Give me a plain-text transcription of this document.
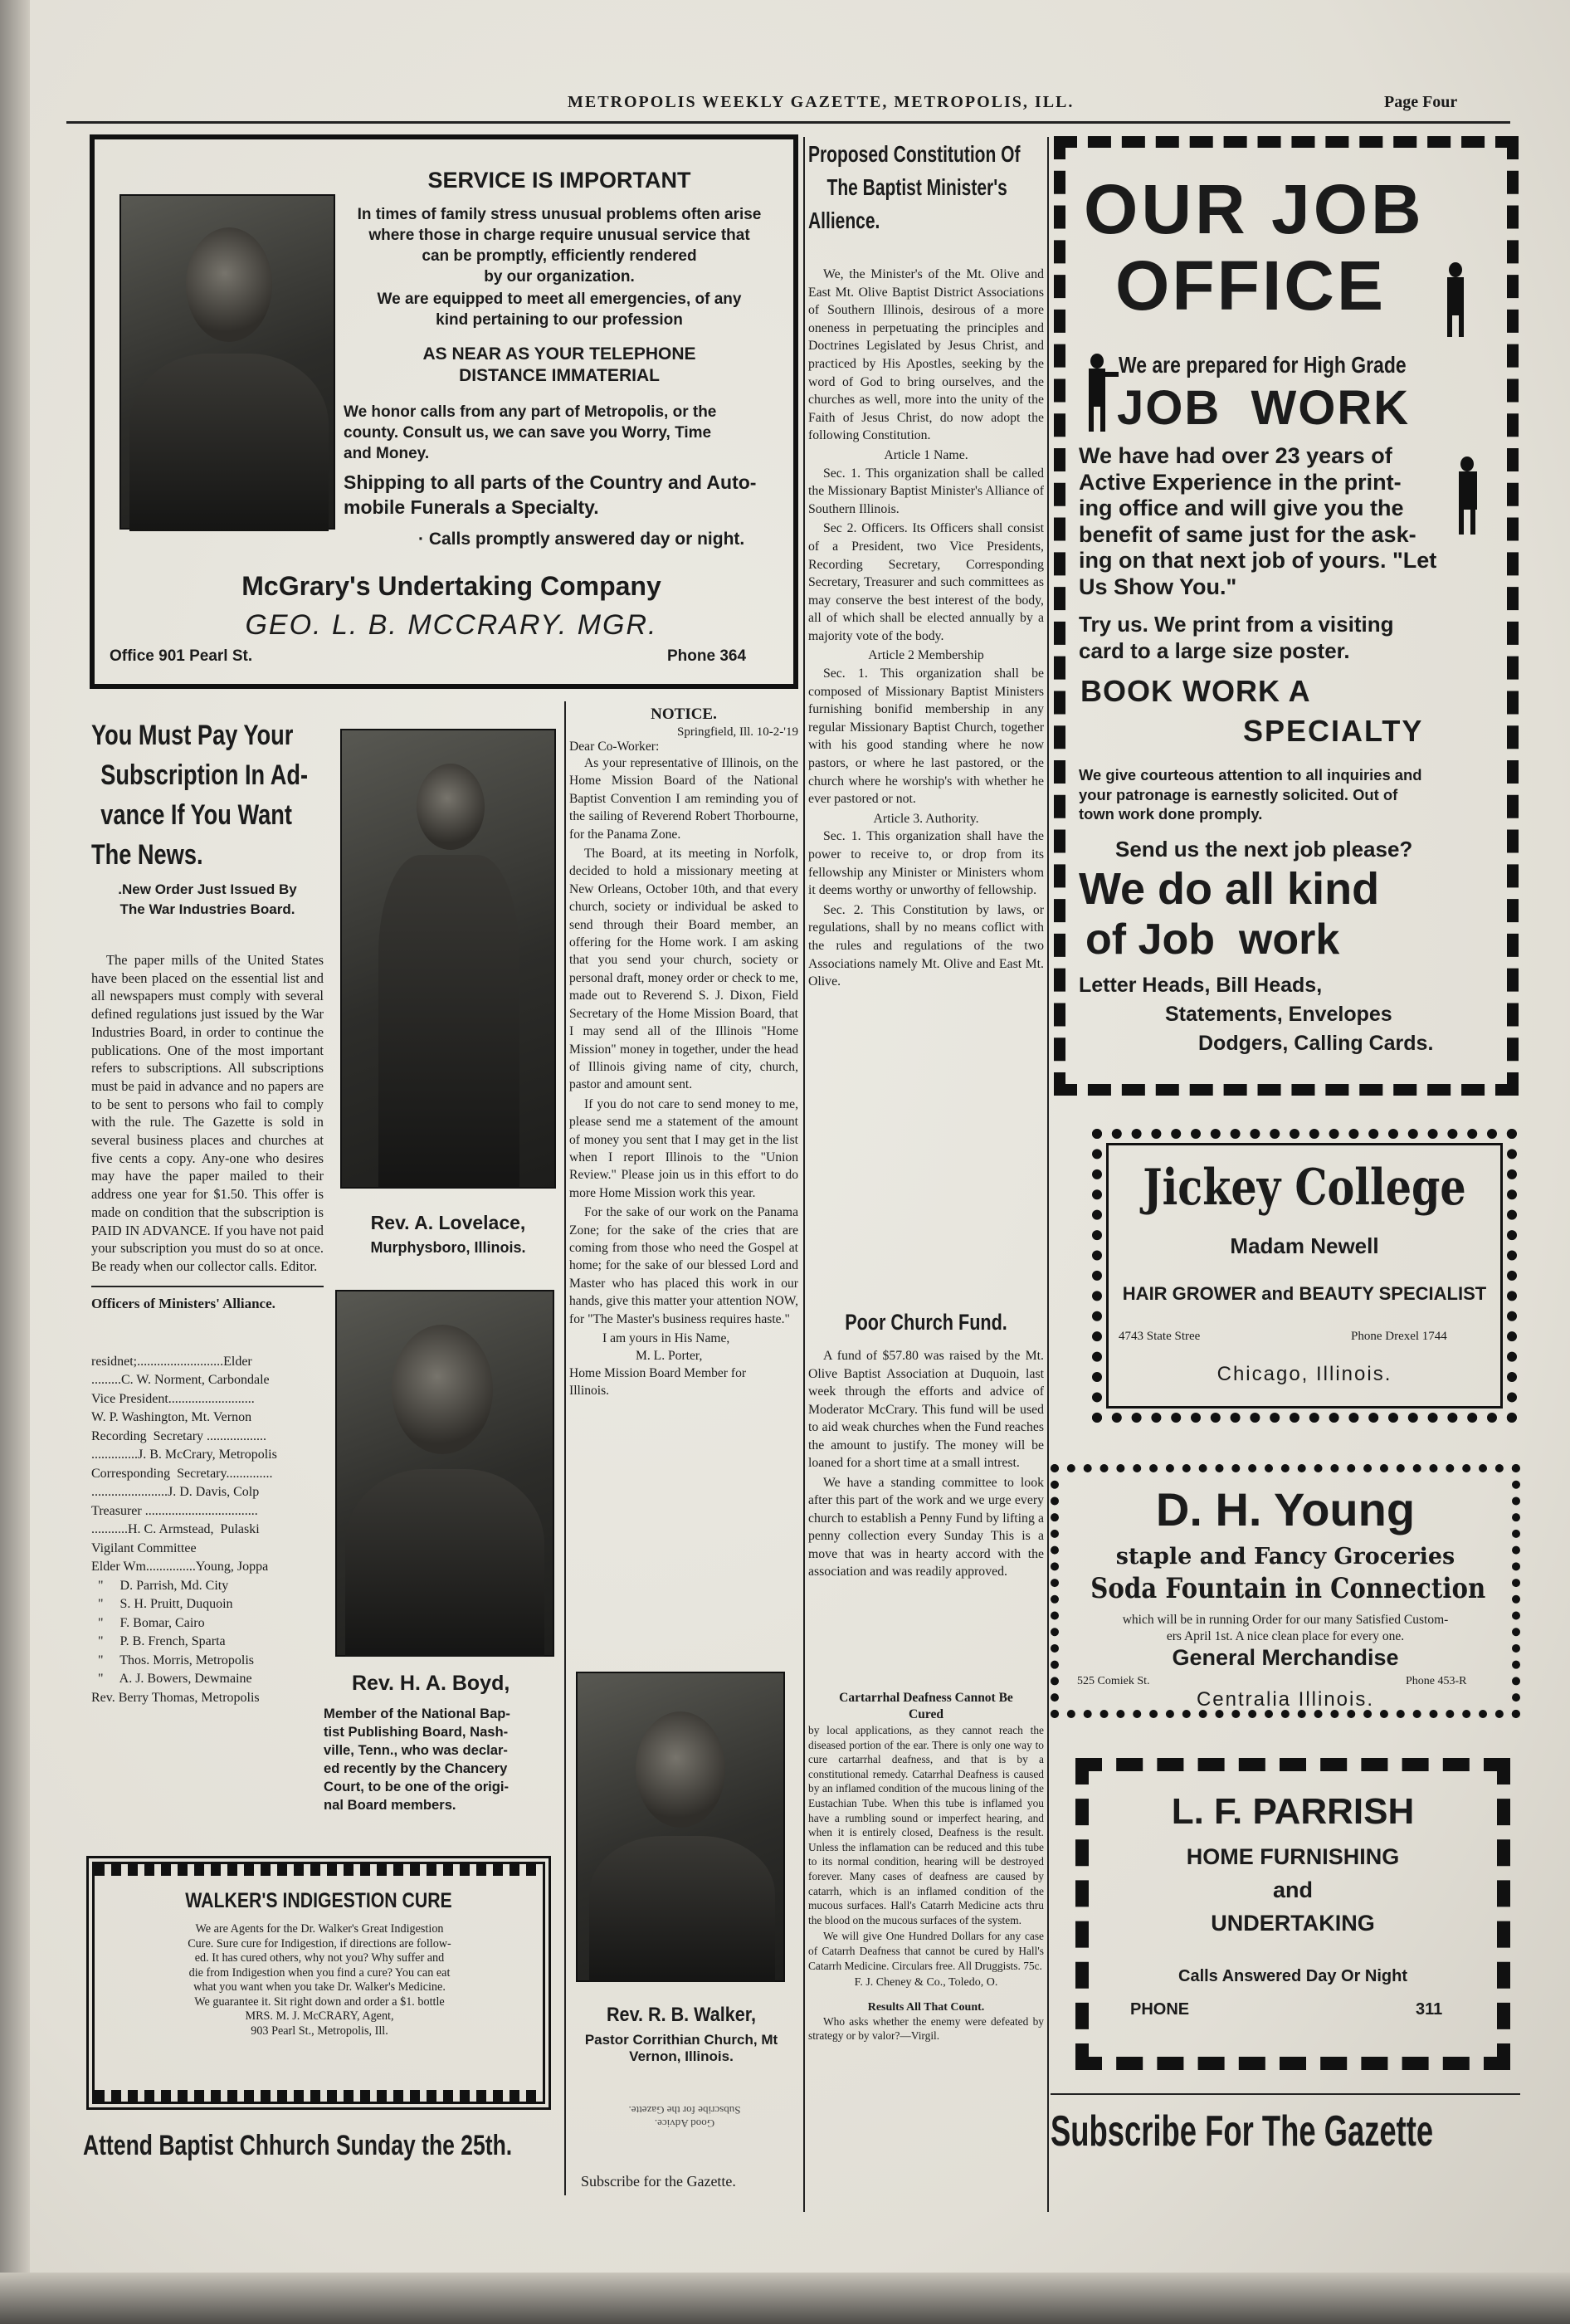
METROPOLIS WEEKLY GAZETTE, METROPOLIS, ILL.	Page Four
SERVICE IS IMPORTANT
In times of family stress unusual problems often arise
where those in charge require unusual service that
can be promptly, efficiently rendered
by our organization.
We are equipped to meet all emergencies, of any
kind pertaining to our profession
AS NEAR AS YOUR TELEPHONE
DISTANCE IMMATERIAL
We honor calls from any part of Metropolis, or the
county. Consult us, we can save you Worry, Time
and Money.
Shipping to all parts of the Country and Auto-
mobile Funerals a Specialty.
· Calls promptly answered day or night.
McGrary's Undertaking Company
GEO. L. B. MCCRARY. MGR.
Office 901 Pearl St.	Phone 364
You Must Pay Your
Subscription In Ad-
vance If You Want
The News.
.New Order Just Issued By
The War Industries Board.

The paper mills of the United States have been placed on the essential list and all newspapers must comply with several defined regulations just issued by the War Industries Board, in order to continue the publications. One of the most important refers to subscriptions. All subscriptions must be paid in advance and no papers are to be sent to persons who fail to comply with the rule. The Gazette is sold in several business places and churches at five cents a copy. Any-one who desires may have the paper mailed to their address one year for $1.50. This offer is made on condition that the subscription is PAID IN ADVANCE. If you have not paid your subscription you must do so at once. Be ready when our collector calls. Editor.

Officers of Ministers' Alliance.

residnet;..........................Elder
.........C. W. Norment, Carbondale
Vice President..........................
W. P. Washington, Mt. Vernon
Recording  Secretary ..................
..............J. B. McCrary, Metropolis
Corresponding  Secretary..............
.......................J. D. Davis, Colp
Treasurer ..................................
...........H. C. Armstead,  Pulaski
Vigilant Committee
Elder Wm...............Young, Joppa
"     D. Parrish, Md. City
"     S. H. Pruitt, Duquoin
"     F. Bomar, Cairo
"     P. B. French, Sparta
"     Thos. Morris, Metropolis
"     A. J. Bowers, Dewmaine
Rev. Berry Thomas, Metropolis

WALKER'S INDIGESTION CURE
We are Agents for the Dr. Walker's Great Indigestion
Cure. Sure cure for Indigestion, if directions are follow-
ed. It has cured others, why not you? Why suffer and
die from Indigestion when you find a cure? You can eat
what you want when you take Dr. Walker's Medicine.
We guarantee it. Sit right down and order a $1. bottle
MRS. M. J. McCRARY, Agent,
903 Pearl St., Metropolis, Ill.
Attend Baptist Chhurch Sunday the 25th.
Rev. A. Lovelace,
Murphysboro, Illinois.
Rev. H. A. Boyd,
Member of the National Bap-
tist Publishing Board, Nash-
ville, Tenn., who was declar-
ed recently by the Chancery
Court, to be one of the origi-
nal Board members.
Rev. R. B. Walker,
Pastor Corrithian Church, Mt
Vernon, Illinois.
NOTICE.
Springfield, Ill. 10-2-'19
Dear Co-Worker:

As your representative of Illinois, on the Home Mission Board of the National Baptist Convention I am reminding you of the sailing of Reverend Robert Thorbourne, for the Panama Zone.

The Board, at its meeting in Norfolk, decided to hold a missionary meeting at New Orleans, October 10th, and that every church, society or individual be asked to send through their Board member, an offering for the Home work. I am asking that you send your church, society or personal draft, money order or check to me, made out to Reverend S. J. Dixon, Field Secretary of the Home Mission Board, that I may send all of the Illinois "Home Mission" money in together, under the head of Illinois giving name of city, church, pastor and amount sent.

If you do not care to send money to me, please send me a statement of the amount of money you sent that I may get in the list when I report Illinois to the "Union Review." Please join us in this effort to do more Home Mission work this year.

For the sake of our work on the Panama Zone; for the sake of the cries that are coming from those who need the Gospel at home; for the sake of our blessed Lord and Master who has placed this work in our hands, give this matter your attention NOW, for "The Master's business requires haste."

I am yours in His Name,
M. L. Porter,
Home Mission Board Member for
Illinois.
Good Advice.
Subscribe for the Gazette.
Subscribe for the Gazette.
Proposed Constitution Of
The Baptist Minister's
Allience.

We, the Minister's of the Mt. Olive and East Mt. Olive Baptist District Associations of Southern Illinois, desirous of a more oneness in perpetuating the principles and Doctrines Legislated by Jesus Christ, and practiced by His Apostles, seeking by the word of God to bring ourselves, and the churches as well, more into the unity of the Faith of Jesus Christ, do now adopt the following Constitution.

Article 1 Name.

Sec. 1. This organization shall be called the Missionary Baptist Minister's Alliance of Southern Illinois.

Sec 2. Officers. Its Officers shall consist of a President, two Vice Presidents, Recording Secretary, Corresponding Secretary, Treasurer and such committees as may conserve the best interest of the body, all of which shall be elected annually by a majority vote of the body.

Article 2 Membership

Sec. 1. This organization shall be composed of Missionary Baptist Ministers furnishing bonifid membership in any regular Missionary Baptist Church, together with his good standing where he now pastors, or where he last pastored, or the church where he worship's with whether he ever pastored or not.

Article 3. Authority.

Sec. 1. This organization shall have the power to receive to, or drop from its fellowship any Minister or Ministers whom it deems worthy or unworthy of fellowship.

Sec. 2. This Constitution by laws, or regulations, shall by no means coflict with the rules and regulations of the two Associations namely Mt. Olive and East Mt. Olive.

Poor Church Fund.

A fund of $57.80 was raised by the Mt. Olive Baptist Association at Duquoin, last week through the efforts and advice of Moderator McCrary. This fund will be used to aid weak churches when the Fund reaches the amount to justify. The money will be loaned for a short time at a small intrest.

We have a standing committee to look after this part of the work and we urge every church to establish a Penny Fund by lifting a penny collection every Sunday This is a move that was in hearty accord with the association and was readily approved.

Cartarrhal Deafness Cannot Be
Cured

by local applications, as they cannot reach the diseased portion of the ear. There is only one way to cure cartarrhal deafness, and that is by a constitutional remedy. Catarrhal Deafness is caused by an inflamed condition of the mucous lining of the Eustachian Tube. When this tube is inflamed you have a rumbling sound or imperfect hearing, and when it is entirely closed, Deafness is the result. Unless the inflamation can be reduced and this tube to its normal condition, hearing will be destroyed forever. Many cases of deafness are caused by catarrh, which is an inflamed condition of the mucous surfaces. Hall's Catarrh Medicine acts thru the blood on the mucous surfaces of the system.

We will give One Hundred Dollars for any case of Catarrh Deafness that cannot be cured by Hall's Catarrh Medicine. Circulars free. All Druggists. 75c.

F. J. Cheney & Co., Toledo, O.
Results All That Count.

Who asks whether the enemy were defeated by strategy or by valor?—Virgil.

OUR JOB
OFFICE
We are prepared for High Grade
JOB  WORK
We have had over 23 years of
Active Experience in the print-
ing office and will give you the
benefit of same just for the ask-
ing on that next job of yours. "Let
Us Show You."
Try us. We print from a visiting
card to a large size poster.
BOOK WORK A
SPECIALTY
We give courteous attention to all inquiries and
your patronage is earnestly solicited. Out of
town work done promply.
Send us the next job please?
We do all kind
of Job  work
Letter Heads, Bill Heads,
Statements, Envelopes
Dodgers, Calling Cards.
Jickey College
Madam Newell
HAIR GROWER and BEAUTY SPECIALIST
4743 State Stree	Phone Drexel 1744
Chicago, Illinois.
D. H. Young
staple and Fancy Groceries
Soda Fountain in Connection
which will be in running Order for our many Satisfied Custom-
ers April 1st. A nice clean place for every one.
General Merchandise
525 Comiek St.	Phone 453-R
Centralia Illinois.
L. F. PARRISH
HOME FURNISHING
and
UNDERTAKING
Calls Answered Day Or Night
PHONE	311
Subscribe For The Gazette
